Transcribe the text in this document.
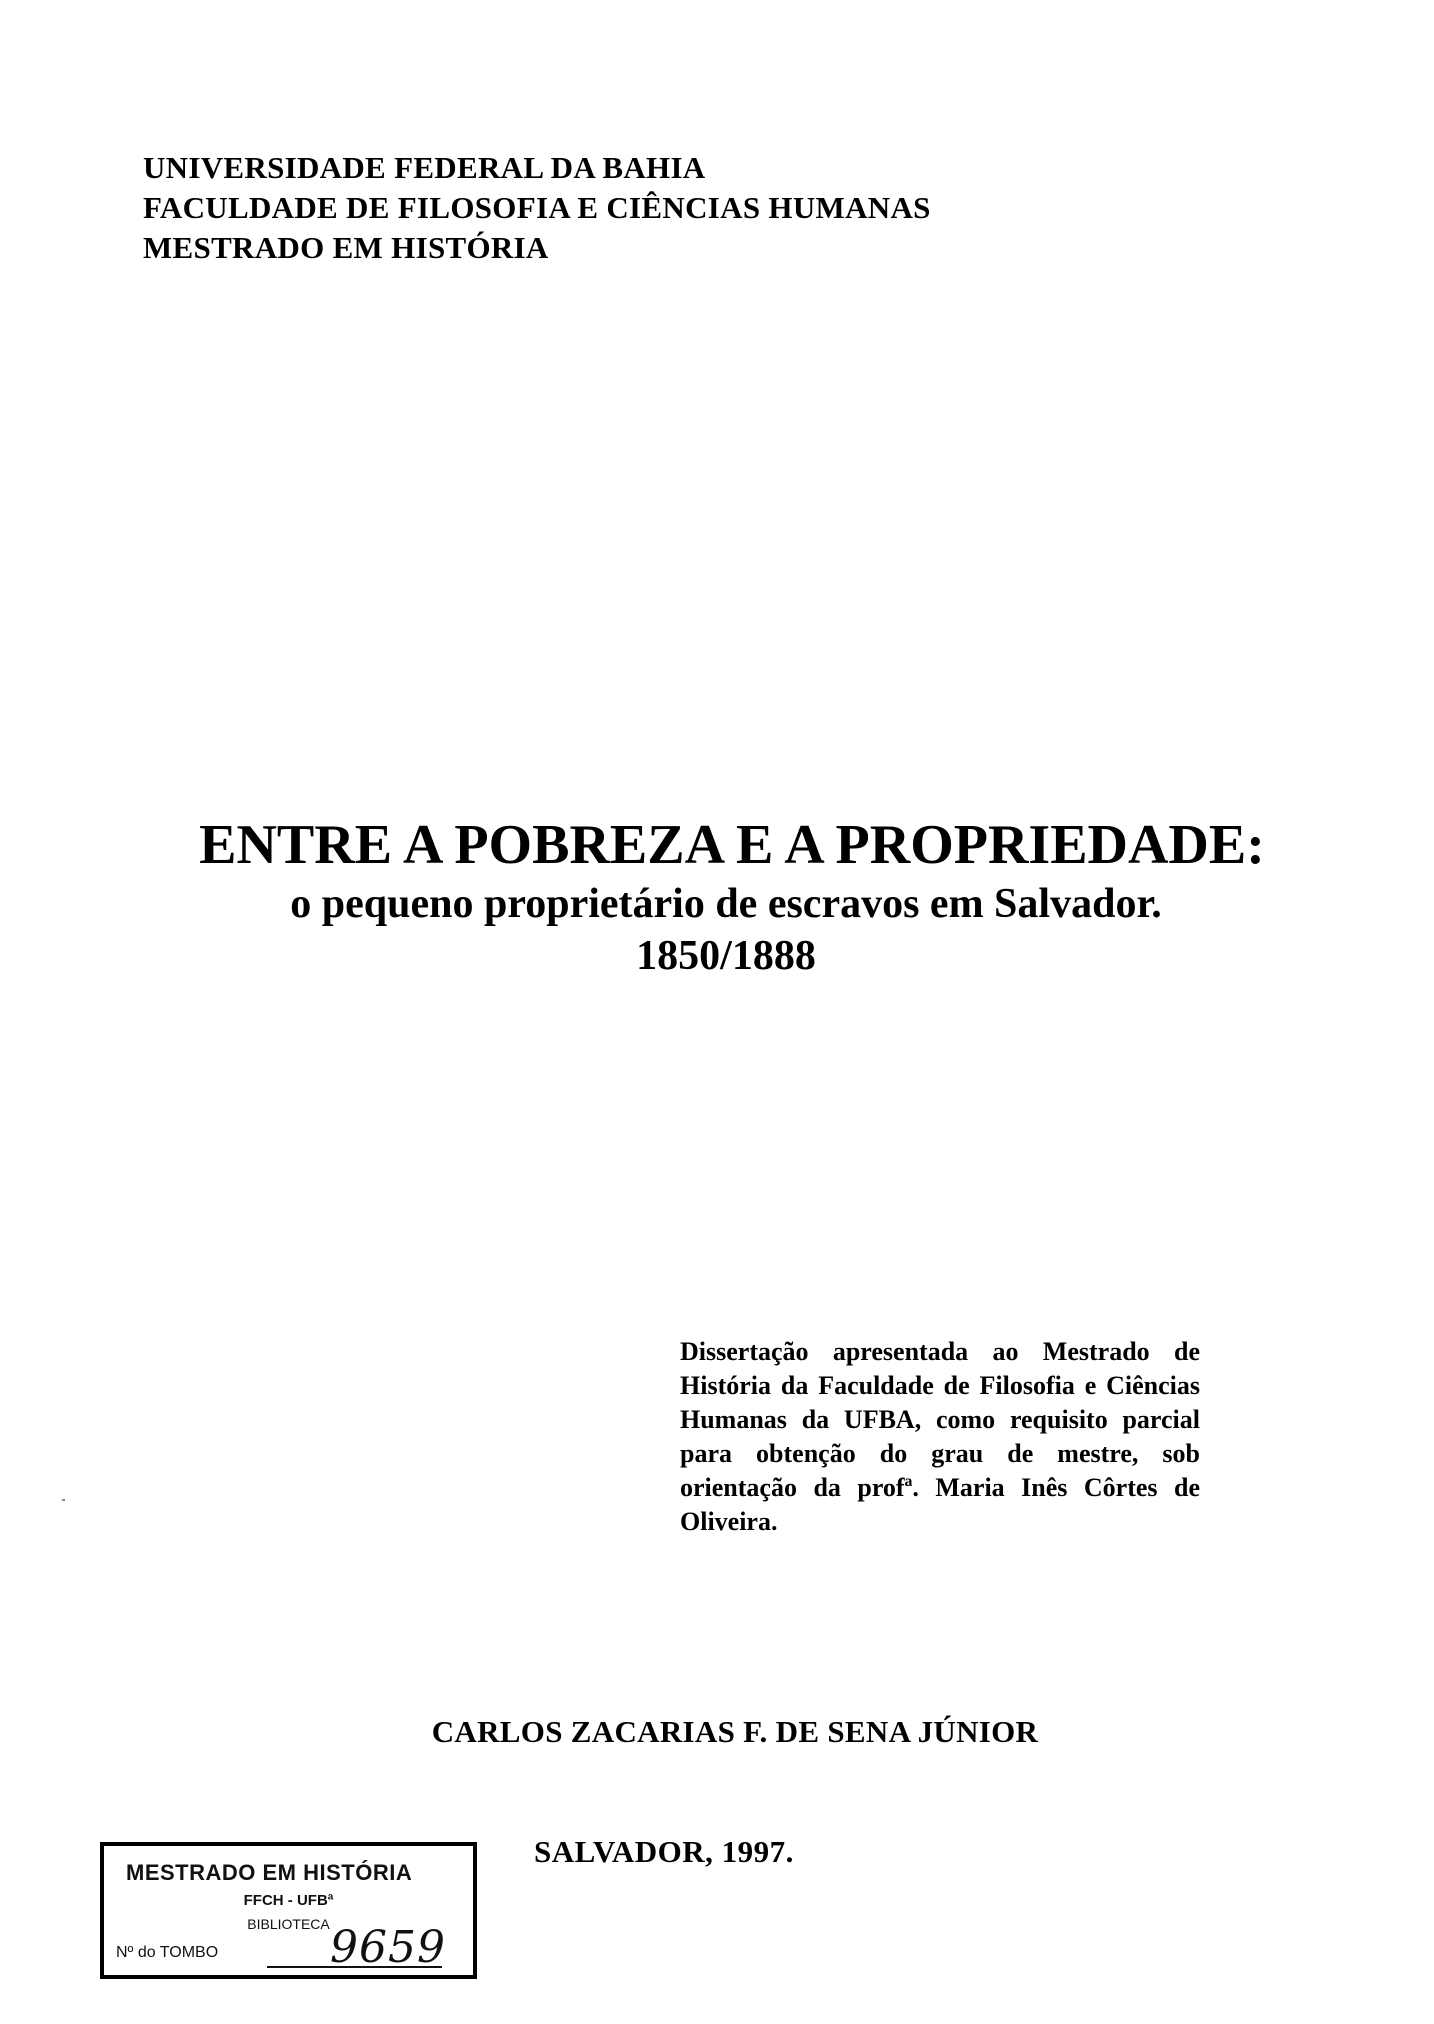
UNIVERSIDADE FEDERAL DA BAHIA
FACULDADE DE FILOSOFIA E CIÊNCIAS HUMANAS
MESTRADO EM HISTÓRIA
ENTRE A POBREZA E A PROPRIEDADE:
o pequeno proprietário de escravos em Salvador.
1850/1888
Dissertação apresentada ao Mestrado de História da Faculdade de Filosofia e Ciências Humanas da UFBA, como requisito parcial para obtenção do grau de mestre, sob orientação da profª. Maria Inês Côrtes de Oliveira.
CARLOS ZACARIAS F. DE SENA JÚNIOR
SALVADOR, 1997.
MESTRADO EM HISTÓRIA
FFCH - UFBª
BIBLIOTECA
Nº do TOMBO	9659
